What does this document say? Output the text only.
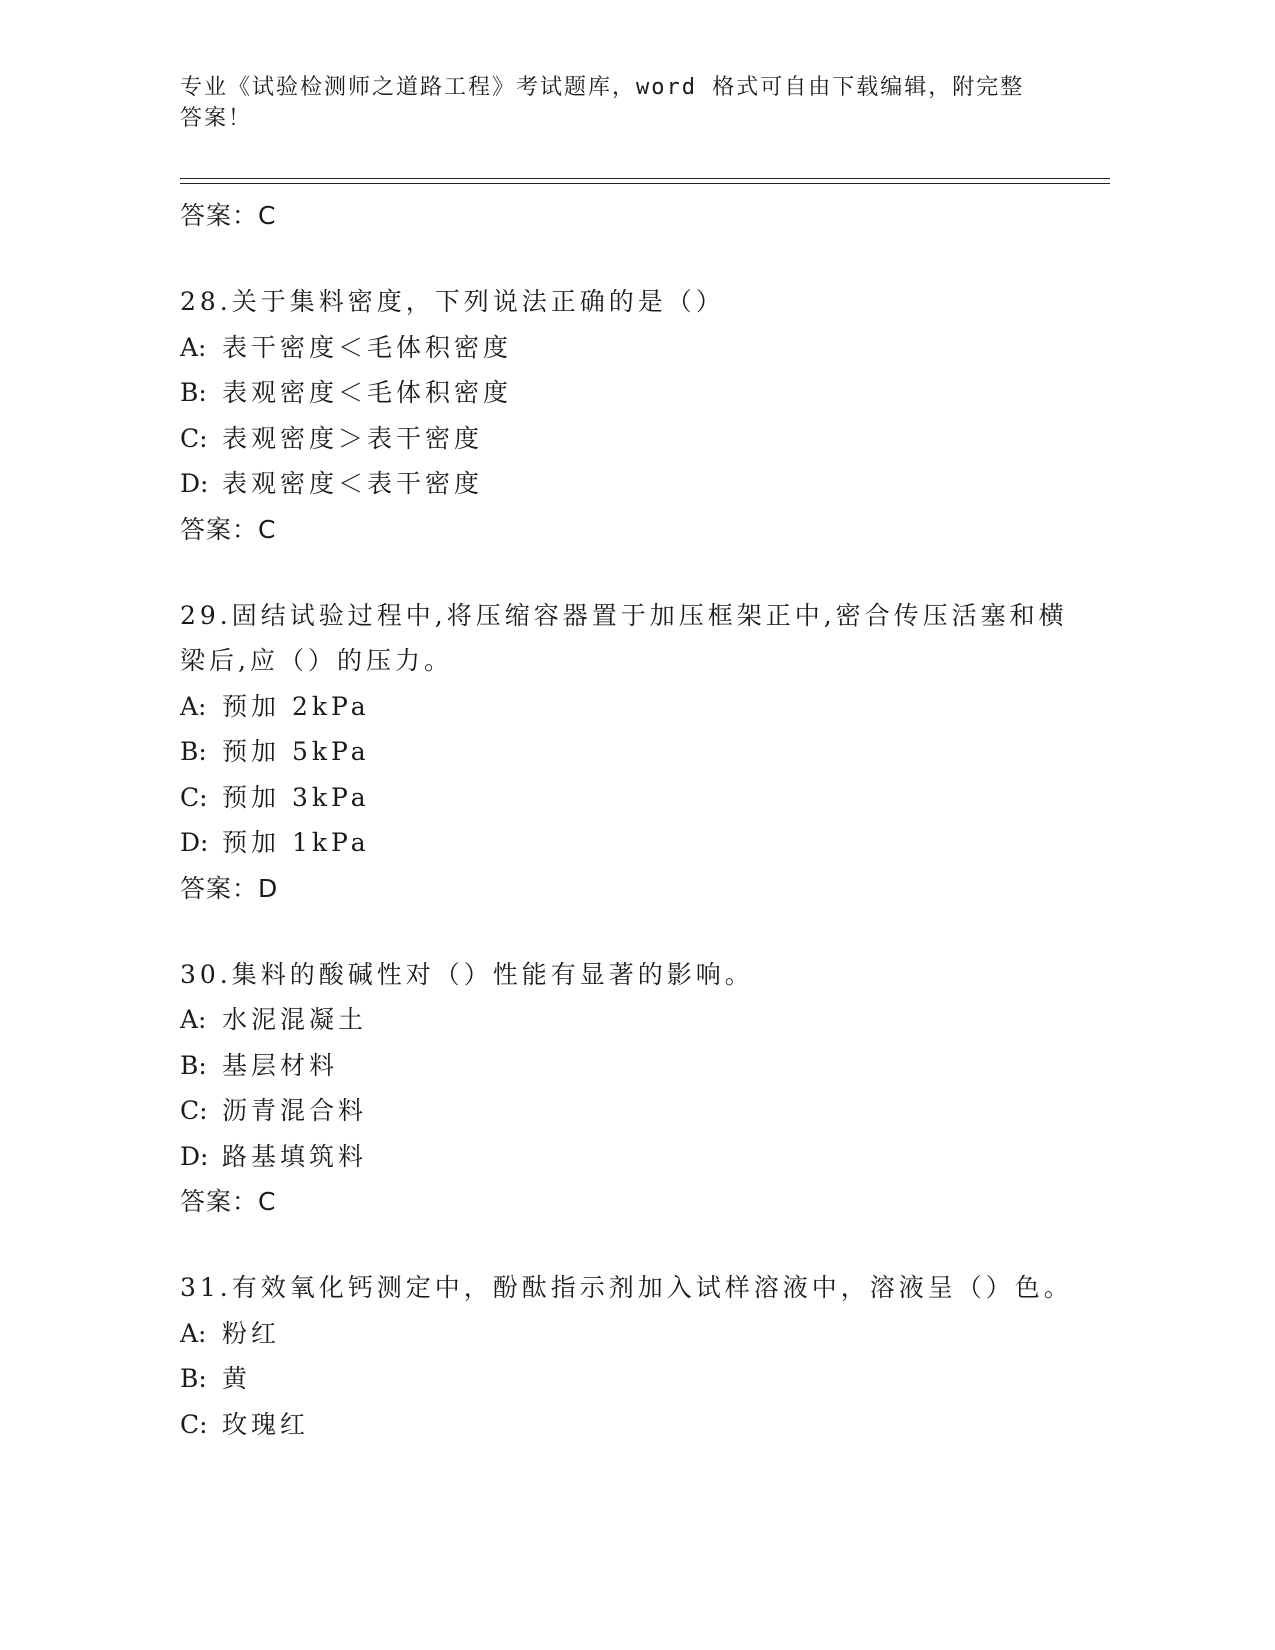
专业《试验检测师之道路工程》考试题库，word 格式可自由下载编辑，附完整答案！
答案：C

28.关于集料密度，下列说法正确的是（）

A: 表干密度＜毛体积密度
B: 表观密度＜毛体积密度
C: 表观密度＞表干密度
D: 表观密度＜表干密度
答案：C

29.固结试验过程中,将压缩容器置于加压框架正中,密合传压活塞和横梁后,应（）的压力。

A: 预加 2kPa
B: 预加 5kPa
C: 预加 3kPa
D: 预加 1kPa
答案：D

30.集料的酸碱性对（）性能有显著的影响。

A: 水泥混凝土
B: 基层材料
C: 沥青混合料
D: 路基填筑料
答案：C

31.有效氧化钙测定中，酚酞指示剂加入试样溶液中，溶液呈（）色。

A: 粉红
B: 黄
C: 玫瑰红
